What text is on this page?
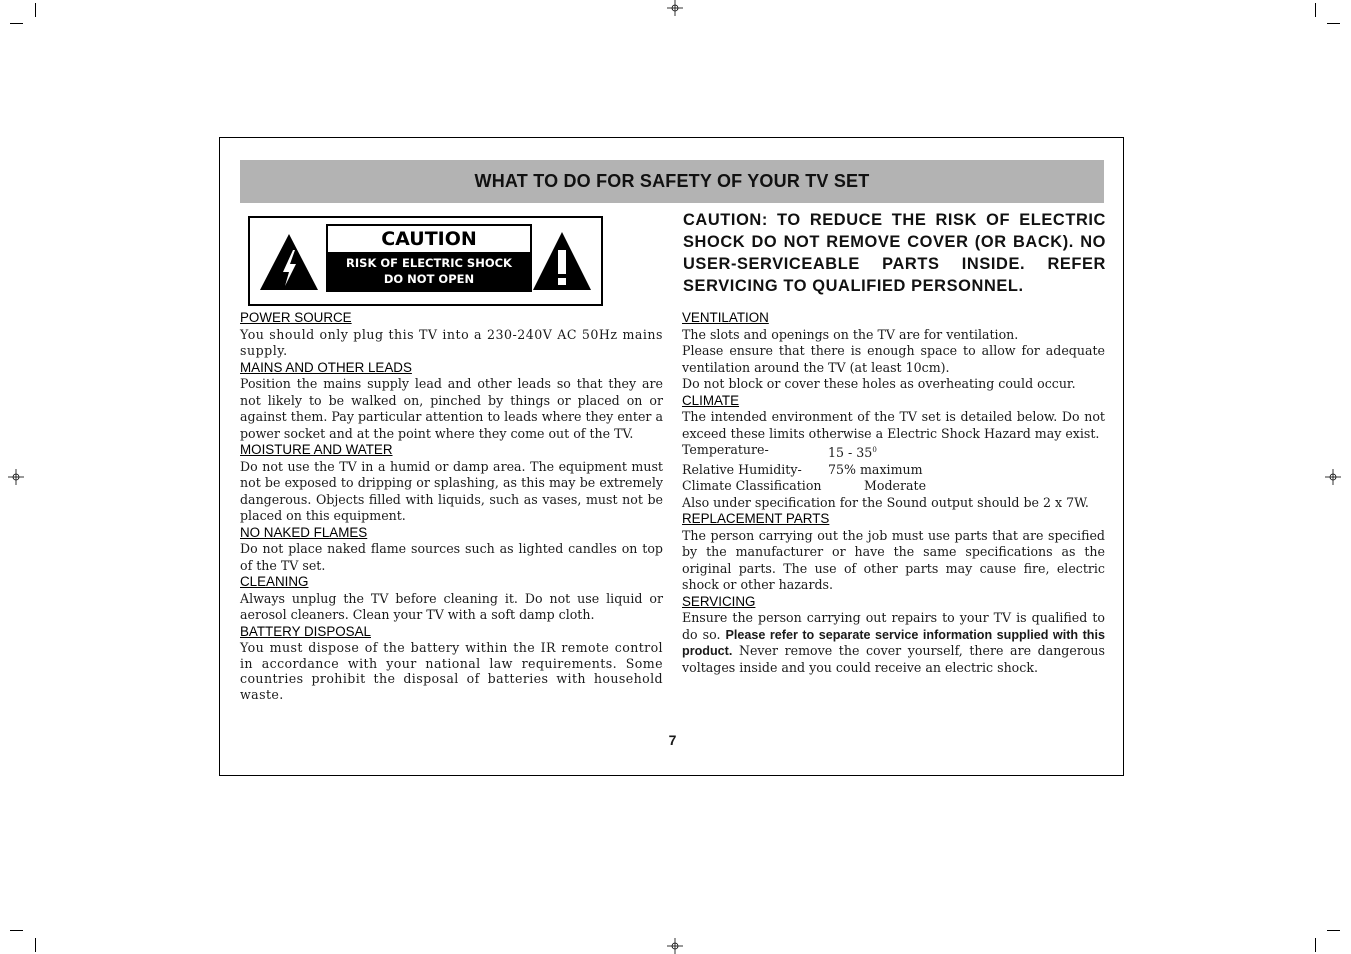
WHAT TO DO FOR SAFETY OF YOUR TV SET
CAUTION
RISK OF ELECTRIC SHOCK
DO NOT OPEN
CAUTION: TO REDUCE THE RISK OF ELECTRIC
SHOCK DO NOT REMOVE COVER (OR BACK). NO
USER-SERVICEABLE PARTS INSIDE. REFER
SERVICING TO QUALIFIED PERSONNEL.
POWER SOURCE

You should only plug this TV into a 230-240V AC 50Hz mains supply.

MAINS AND OTHER LEADS

Position the mains supply lead and other leads so that they are not likely to be walked on, pinched by things or placed on or against them. Pay particular attention to leads where they enter a power socket and at the point where they come out of the TV.

MOISTURE AND WATER

Do not use the TV in a humid or damp area. The equipment must not be exposed to dripping or splashing, as this may be extremely dangerous. Objects filled with liquids, such as vases, must not be placed on this equipment.

NO NAKED FLAMES

Do not place naked flame sources such as lighted candles on top of the TV set.

CLEANING

Always unplug the TV before cleaning it. Do not use liquid or aerosol cleaners. Clean your TV with a soft damp cloth.

BATTERY DISPOSAL

You must dispose of the battery within the IR remote control in accordance with your national law requirements. Some countries prohibit the disposal of batteries with household waste.

VENTILATION

The slots and openings on the TV are for ventilation.

Please ensure that there is enough space to allow for adequate ventilation around the TV (at least 10cm).

Do not block or cover these holes as overheating could occur.

CLIMATE

The intended environment of the TV set is detailed below. Do not exceed these limits otherwise a Electric Shock Hazard may exist.

Temperature-	$15 - 35^0$
Relative Humidity-	75% maximum
Climate Classification	Moderate

Also under specification for the Sound output should be 2 x 7W.

REPLACEMENT PARTS

The person carrying out the job must use parts that are specified by the manufacturer or have the same specifications as the original parts. The use of other parts may cause fire, electric shock or other hazards.

SERVICING

Ensure the person carrying out repairs to your TV is qualified to do so. Please refer to separate service information supplied with this product. Never remove the cover yourself, there are dangerous voltages inside and you could receive an electric shock.

7
